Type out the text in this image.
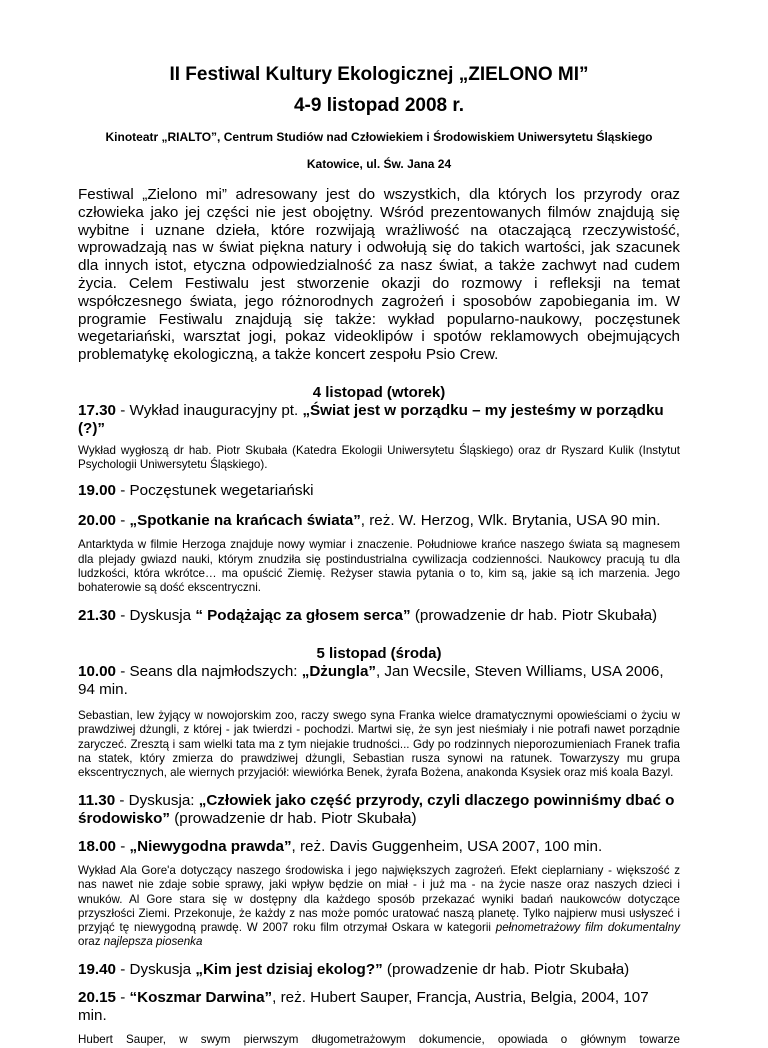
II Festiwal Kultury Ekologicznej „ZIELONO MI”
4-9 listopad 2008 r.
Kinoteatr „RIALTO”, Centrum Studiów nad Człowiekiem i Środowiskiem Uniwersytetu Śląskiego
Katowice, ul. Św. Jana 24
Festiwal „Zielono mi” adresowany jest do wszystkich, dla których los przyrody oraz człowieka jako jej części nie jest obojętny. Wśród prezentowanych filmów znajdują się wybitne i uznane dzieła, które rozwijają wrażliwość na otaczającą rzeczywistość, wprowadzają nas w świat piękna natury i odwołują się do takich wartości, jak szacunek dla innych istot, etyczna odpowiedzialność za nasz świat, a także zachwyt nad cudem życia. Celem Festiwalu jest stworzenie okazji do rozmowy i refleksji na temat współczesnego świata, jego różnorodnych zagrożeń i sposobów zapobiegania im. W programie Festiwalu znajdują się także: wykład popularno-naukowy, poczęstunek wegetariański, warsztat jogi, pokaz videoklipów i spotów reklamowych obejmujących problematykę ekologiczną, a także koncert zespołu Psio Crew.
4 listopad (wtorek)
17.30 - Wykład inauguracyjny pt. „Świat jest w porządku – my jesteśmy w porządku (?)”
Wykład wygłoszą dr hab. Piotr Skubała (Katedra Ekologii Uniwersytetu Śląskiego) oraz dr Ryszard Kulik (Instytut Psychologii Uniwersytetu Śląskiego).
19.00 - Poczęstunek wegetariański
20.00 - „Spotkanie na krańcach świata”, reż. W. Herzog, Wlk. Brytania, USA 90 min.
Antarktyda w filmie Herzoga znajduje nowy wymiar i znaczenie. Południowe krańce naszego świata są magnesem dla plejady gwiazd nauki, którym znudziła się postindustrialna cywilizacja codzienności. Naukowcy pracują tu dla ludzkości, która wkrótce… ma opuścić Ziemię. Reżyser stawia pytania o to, kim są, jakie są ich marzenia. Jego bohaterowie są dość ekscentryczni.
21.30 - Dyskusja “ Podążając za głosem serca” (prowadzenie dr hab. Piotr Skubała)
5 listopad (środa)
10.00 - Seans dla najmłodszych: „Dżungla”, Jan Wecsile, Steven Williams, USA 2006, 94 min.
Sebastian, lew żyjący w nowojorskim zoo, raczy swego syna Franka wielce dramatycznymi opowieściami o życiu w prawdziwej dżungli, z której - jak twierdzi - pochodzi. Martwi się, że syn jest nieśmiały i nie potrafi nawet porządnie zaryczeć. Zresztą i sam wielki tata ma z tym niejakie trudności... Gdy po rodzinnych nieporozumieniach Franek trafia na statek, który zmierza do prawdziwej dżungli, Sebastian rusza synowi na ratunek. Towarzyszy mu grupa ekscentrycznych, ale wiernych przyjaciół: wiewiórka Benek, żyrafa Bożena, anakonda Ksysiek oraz miś koala Bazyl.
11.30 - Dyskusja: „Człowiek jako część przyrody, czyli dlaczego powinniśmy dbać o środowisko” (prowadzenie dr hab. Piotr Skubała)
18.00 - „Niewygodna prawda”, reż. Davis Guggenheim, USA 2007, 100 min.
Wykład Ala Gore'a dotyczący naszego środowiska i jego największych zagrożeń. Efekt cieplarniany - większość z nas nawet nie zdaje sobie sprawy, jaki wpływ będzie on miał - i już ma - na życie nasze oraz naszych dzieci i wnuków. Al Gore stara się w dostępny dla każdego sposób przekazać wyniki badań naukowców dotyczące przyszłości Ziemi. Przekonuje, że każdy z nas może pomóc uratować naszą planetę. Tylko najpierw musi usłyszeć i przyjąć tę niewygodną prawdę. W 2007 roku film otrzymał Oskara w kategorii pełnometrażowy film dokumentalny oraz najlepsza piosenka
19.40 - Dyskusja „Kim jest dzisiaj ekolog?” (prowadzenie dr hab. Piotr Skubała)
20.15 - “Koszmar Darwina”, reż. Hubert Sauper, Francja, Austria, Belgia, 2004, 107 min.
Hubert Sauper, w swym pierwszym długometrażowym dokumencie, opowiada o głównym towarze
